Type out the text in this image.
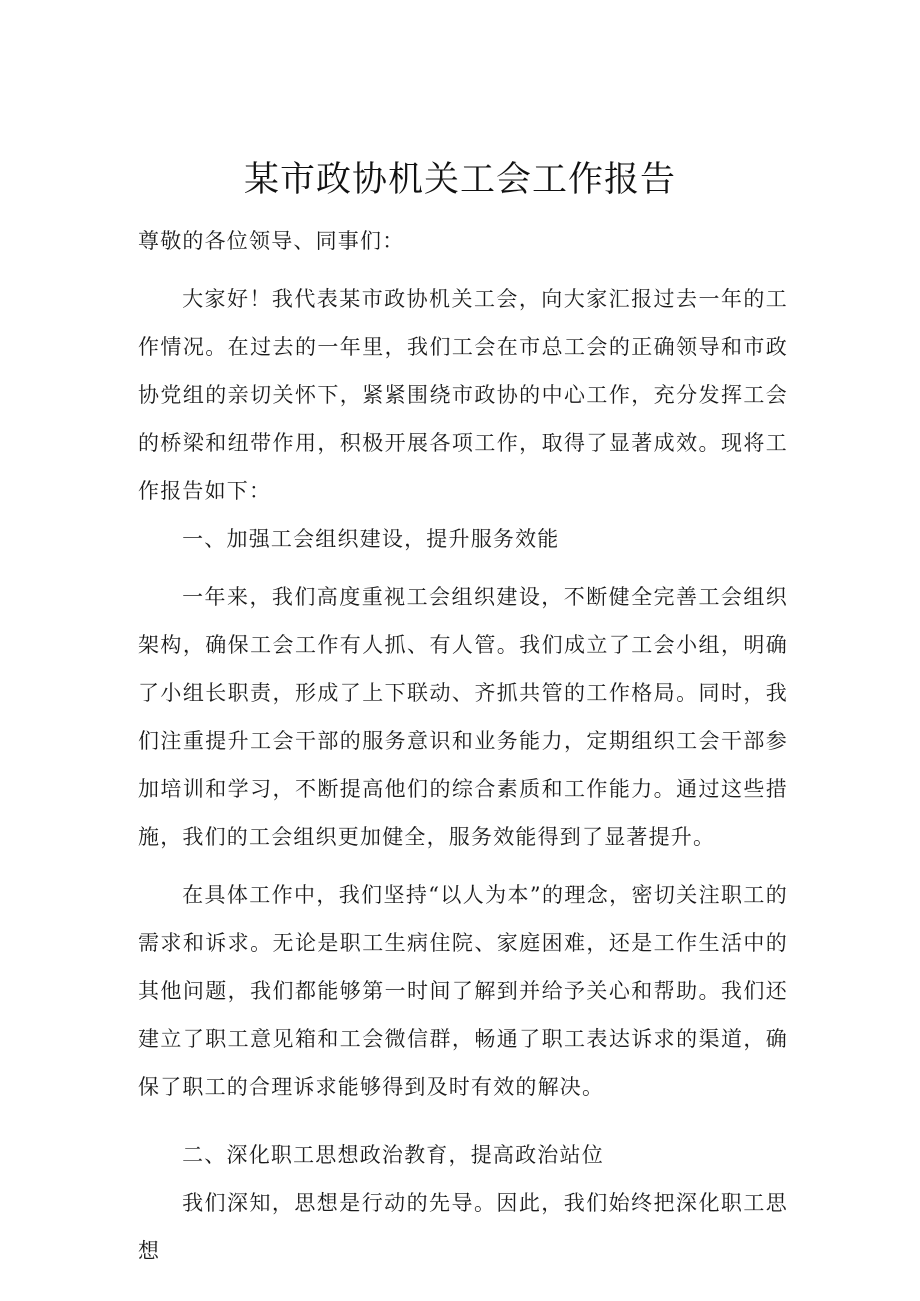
某市政协机关工会工作报告

尊敬的各位领导、同事们：

大家好！我代表某市政协机关工会，向大家汇报过去一年的工作情况。在过去的一年里，我们工会在市总工会的正确领导和市政协党组的亲切关怀下，紧紧围绕市政协的中心工作，充分发挥工会的桥梁和纽带作用，积极开展各项工作，取得了显著成效。现将工作报告如下：

一、加强工会组织建设，提升服务效能

一年来，我们高度重视工会组织建设，不断健全完善工会组织架构，确保工会工作有人抓、有人管。我们成立了工会小组，明确了小组长职责，形成了上下联动、齐抓共管的工作格局。同时，我们注重提升工会干部的服务意识和业务能力，定期组织工会干部参加培训和学习，不断提高他们的综合素质和工作能力。通过这些措施，我们的工会组织更加健全，服务效能得到了显著提升。

在具体工作中，我们坚持“以人为本”的理念，密切关注职工的需求和诉求。无论是职工生病住院、家庭困难，还是工作生活中的其他问题，我们都能够第一时间了解到并给予关心和帮助。我们还建立了职工意见箱和工会微信群，畅通了职工表达诉求的渠道，确保了职工的合理诉求能够得到及时有效的解决。

二、深化职工思想政治教育，提高政治站位

我们深知，思想是行动的先导。因此，我们始终把深化职工思想
